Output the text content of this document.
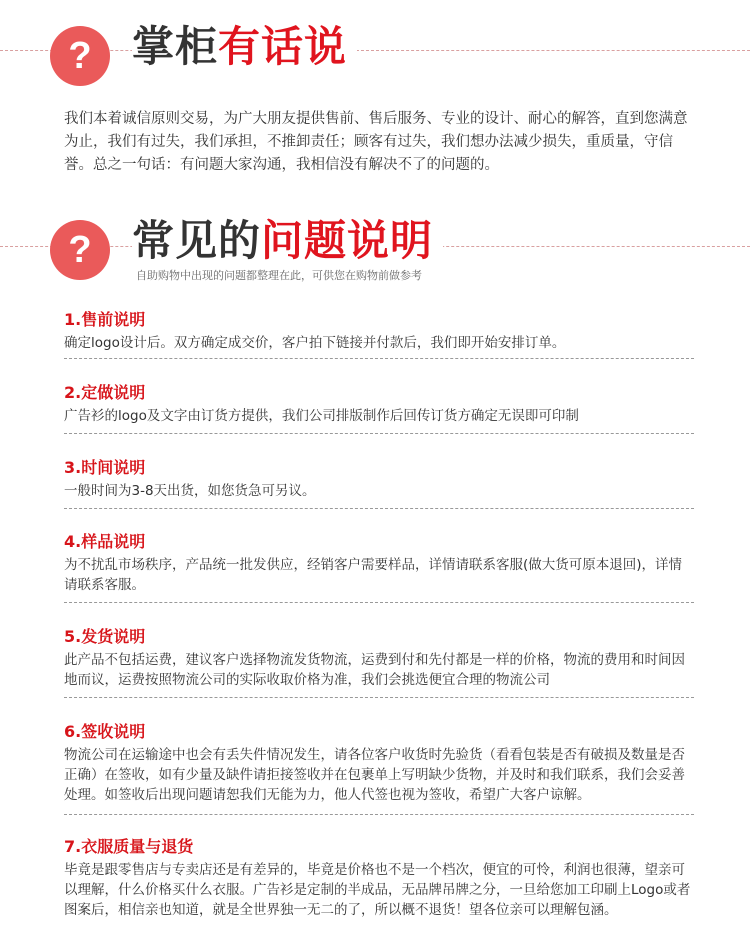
? 掌柜有话说
我们本着诚信原则交易，为广大朋友提供售前、售后服务、专业的设计、耐心的解答，直到您满意为止，我们有过失，我们承担，不推卸责任；顾客有过失，我们想办法减少损失，重质量，守信誉。总之一句话：有问题大家沟通，我相信没有解决不了的问题的。
? 常见的问题说明
自助购物中出现的问题都整理在此，可供您在购物前做参考
1.售前说明
确定logo设计后。双方确定成交价，客户拍下链接并付款后，我们即开始安排订单。
2.定做说明
广告衫的logo及文字由订货方提供，我们公司排版制作后回传订货方确定无误即可印制
3.时间说明
一般时间为3-8天出货，如您货急可另议。
4.样品说明
为不扰乱市场秩序，产品统一批发供应，经销客户需要样品，详情请联系客服(做大货可原本退回)，详情请联系客服。
5.发货说明
此产品不包括运费，建议客户选择物流发货物流，运费到付和先付都是一样的价格，物流的费用和时间因地而议，运费按照物流公司的实际收取价格为准，我们会挑选便宜合理的物流公司
6.签收说明
物流公司在运输途中也会有丢失件情况发生，请各位客户收货时先验货（看看包装是否有破损及数量是否正确）在签收，如有少量及缺件请拒接签收并在包裹单上写明缺少货物，并及时和我们联系，我们会妥善处理。如签收后出现问题请恕我们无能为力，他人代签也视为签收，希望广大客户谅解。
7.衣服质量与退货
毕竟是跟零售店与专卖店还是有差异的，毕竟是价格也不是一个档次，便宜的可怜，利润也很薄，望亲可以理解，什么价格买什么衣服。广告衫是定制的半成品，无品牌吊牌之分，一旦给您加工印刷上Logo或者图案后，相信亲也知道，就是全世界独一无二的了，所以概不退货！望各位亲可以理解包涵。
